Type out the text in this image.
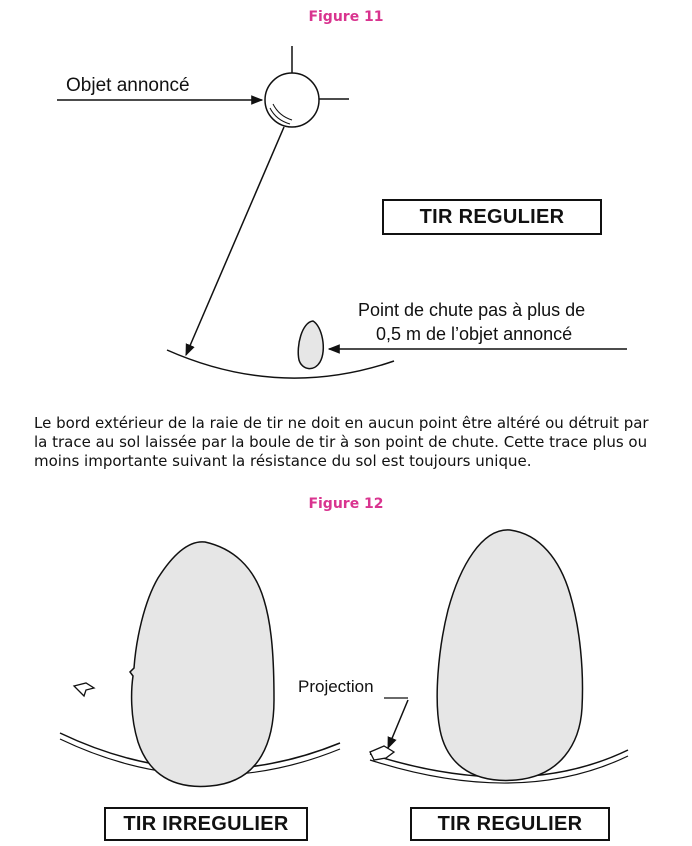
Figure 11
Objet annoncé
TIR REGULIER
Point de chute pas à plus de
0,5 m de l’objet annoncé
Le bord extérieur de la raie de tir ne doit en aucun point être altéré ou détruit par la trace au sol laissée par la boule de tir à son point de chute. Cette trace plus ou moins importante suivant la résistance du sol est toujours unique.
Figure 12
Projection
TIR IRREGULIER	TIR REGULIER
